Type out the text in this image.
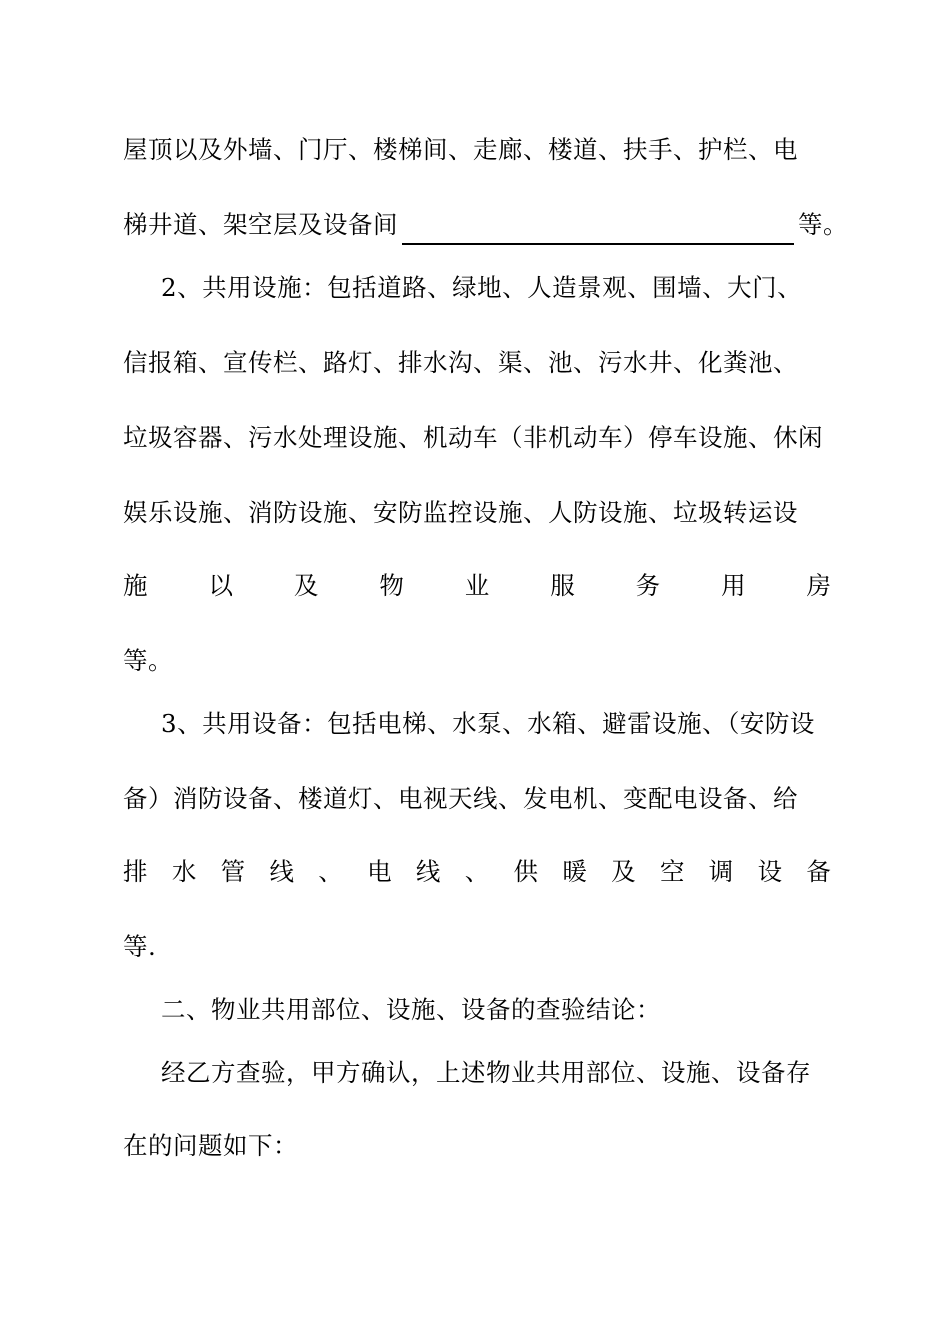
屋顶以及外墙、门厅、楼梯间、走廊、楼道、扶手、护栏、电
梯井道、架空层及设备间	等。
2、共用设施：包括道路、绿地、人造景观、围墙、大门、
信报箱、宣传栏、路灯、排水沟、渠、池、污水井、化粪池、
垃圾容器、污水处理设施、机动车（非机动车）停车设施、休闲
娱乐设施、消防设施、安防监控设施、人防设施、垃圾转运设
施 以 及 物 业 服 务 用 房
等。
3、共用设备：包括电梯、水泵、水箱、避雷设施、（安防设
备）消防设备、楼道灯、电视天线、发电机、变配电设备、给
排 水 管 线 、 电 线 、 供 暖 及 空 调 设 备
等.
二、物业共用部位、设施、设备的查验结论：
经乙方查验，甲方确认，上述物业共用部位、设施、设备存
在的问题如下：
